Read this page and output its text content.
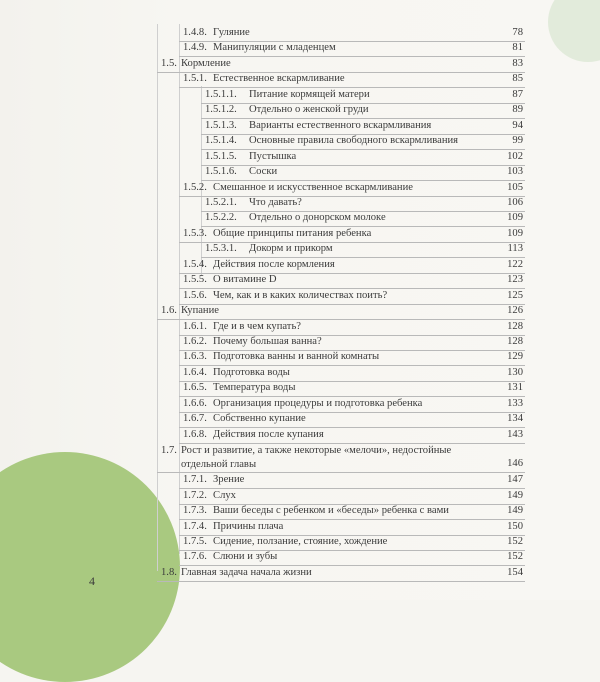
1.4.8. Гуляние	78
1.4.9. Манипуляции с младенцем	81
1.5. Кормление	83
1.5.1. Естественное вскармливание	85
1.5.1.1. Питание кормящей матери	87
1.5.1.2. Отдельно о женской груди	89
1.5.1.3. Варианты естественного вскармливания	94
1.5.1.4. Основные правила свободного вскармливания	99
1.5.1.5. Пустышка	102
1.5.1.6. Соски	103
1.5.2. Смешанное и искусственное вскармливание	105
1.5.2.1. Что давать?	106
1.5.2.2. Отдельно о донорском молоке	109
1.5.3. Общие принципы питания ребенка	109
1.5.3.1. Докорм и прикорм	113
1.5.4. Действия после кормления	122
1.5.5. О витамине D	123
1.5.6. Чем, как и в каких количествах поить?	125
1.6. Купание	126
1.6.1. Где и в чем купать?	128
1.6.2. Почему большая ванна?	128
1.6.3. Подготовка ванны и ванной комнаты	129
1.6.4. Подготовка воды	130
1.6.5. Температура воды	131
1.6.6. Организация процедуры и подготовка ребенка	133
1.6.7. Собственно купание	134
1.6.8. Действия после купания	143
1.7. Рост и развитие, а также некоторые «мелочи», недостойные отдельной главы	146
1.7.1. Зрение	147
1.7.2. Слух	149
1.7.3. Ваши беседы с ребенком и «беседы» ребенка с вами	149
1.7.4. Причины плача	150
1.7.5. Сидение, ползание, стояние, хождение	152
1.7.6. Слюни и зубы	152
1.8. Главная задача начала жизни	154
4
